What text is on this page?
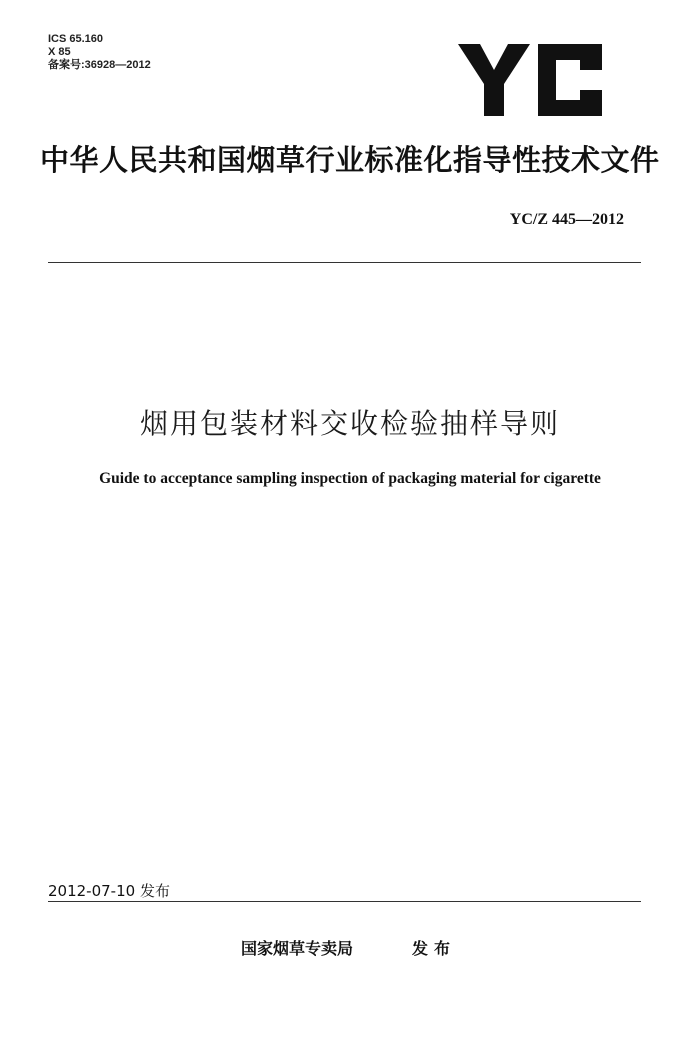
ICS 65.160
X 85
备案号:36928—2012
中华人民共和国烟草行业标准化指导性技术文件
YC/Z 445—2012
烟用包装材料交收检验抽样导则
Guide to acceptance sampling inspection of packaging material for cigarette
2012-07-10 发布
国家烟草专卖局	发布
